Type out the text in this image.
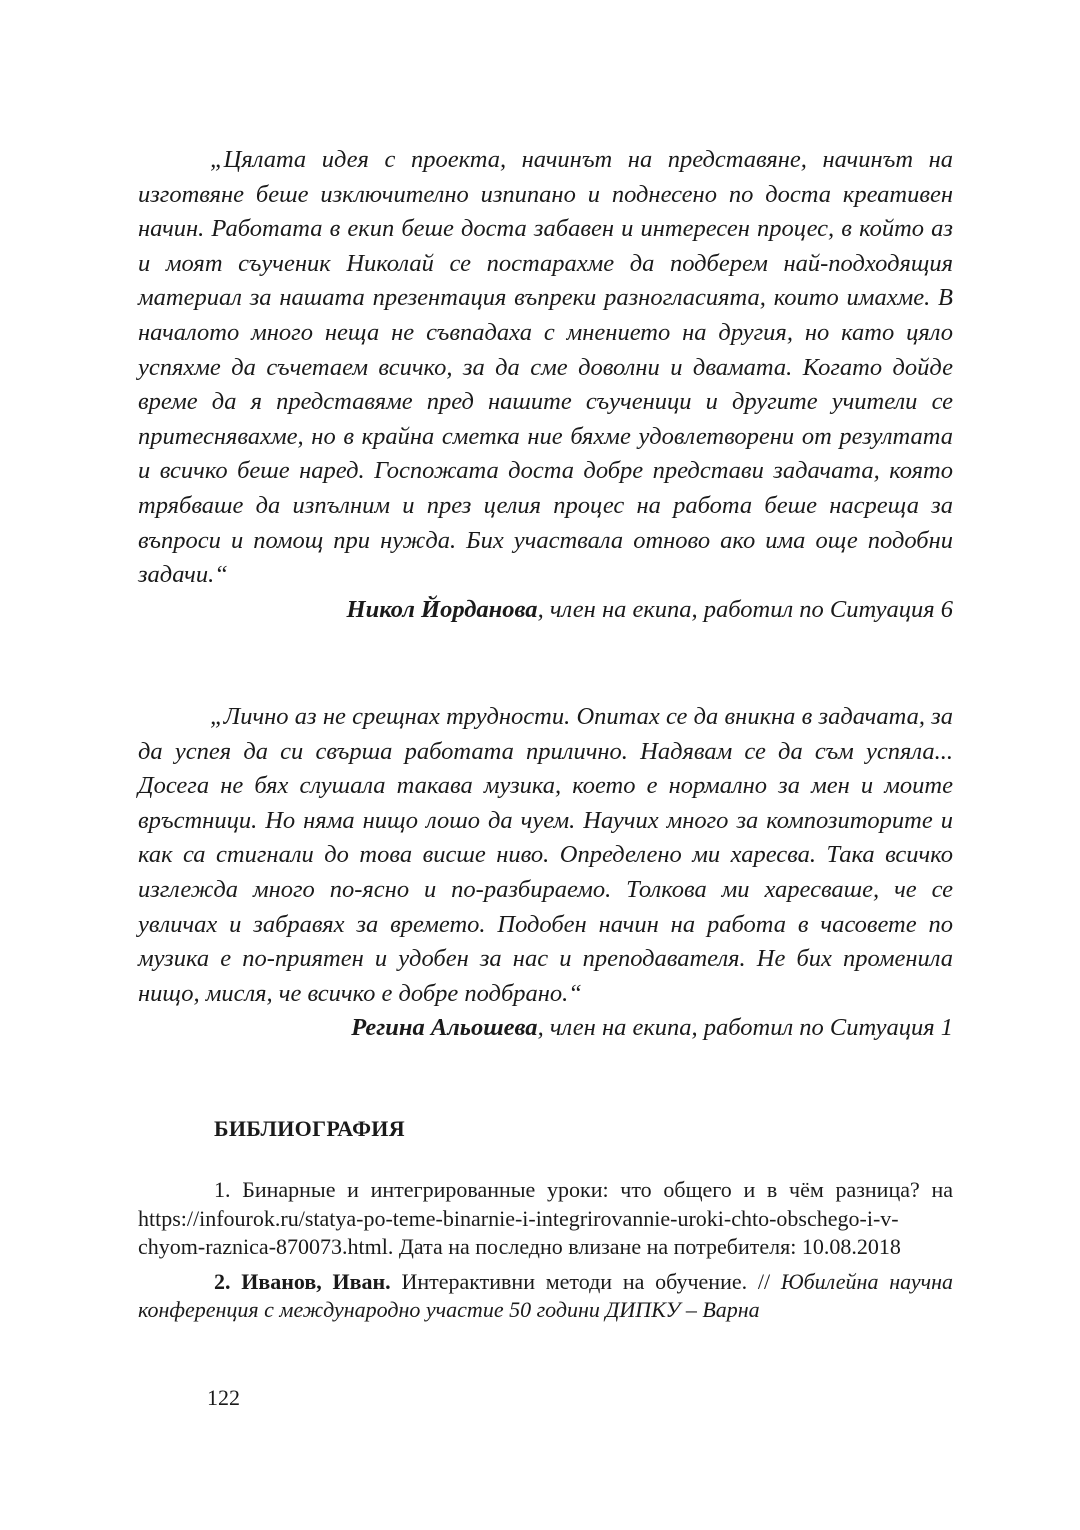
„Цялата идея с проекта, начинът на представяне, начинът на изготвяне беше изключително изпипано и поднесено по доста креативен начин. Работата в екип беше доста забавен и интересен процес, в който аз и моят съученик Николай се постарахме да подберем най-подходящия материал за нашата презентация въпреки разногласията, които имахме. В началото много неща не съвпадаха с мнението на другия, но като цяло успяхме да съчетаем всичко, за да сме доволни и двамата. Когато дойде време да я представяме пред нашите съученици и другите учители се притеснявахме, но в крайна сметка ние бяхме удовлетворени от резултата и всичко беше наред. Госпожата доста добре представи задачата, която трябваше да изпълним и през целия процес на работа беше насреща за въпроси и помощ при нужда. Бих участвала отново ако има още подобни задачи.“

Никол Йорданова, член на екипа, работил по Ситуация 6

„Лично аз не срещнах трудности. Опитах се да вникна в задачата, за да успея да си свърша работата прилично. Надявам се да съм успяла... Досега не бях слушала такава музика, което е нормално за мен и моите връстници. Но няма нищо лошо да чуем. Научих много за композиторите и как са стигнали до това висше ниво. Определено ми харесва. Така всичко изглежда много по-ясно и по-разбираемо. Толкова ми харесваше, че се увличах и забравях за времето. Подобен начин на работа в часовете по музика е по-приятен и удобен за нас и преподавателя. Не бих променила нищо, мисля, че всичко е добре подбрано.“

Регина Альошева, член на екипа, работил по Ситуация 1

БИБЛИОГРАФИЯ

1. Бинарные и интегрированные уроки: что общего и в чём разница? на https://infourok.ru/statya-po-teme-binarnie-i-integrirovannie-uroki-chto-obschego-i-v-chyom-raznica-870073.html. Дата на последно влизане на потребителя: 10.08.2018

2. Иванов, Иван. Интерактивни методи на обучение. // Юбилейна научна конференция с международно участие 50 години ДИПКУ – Варна

122
